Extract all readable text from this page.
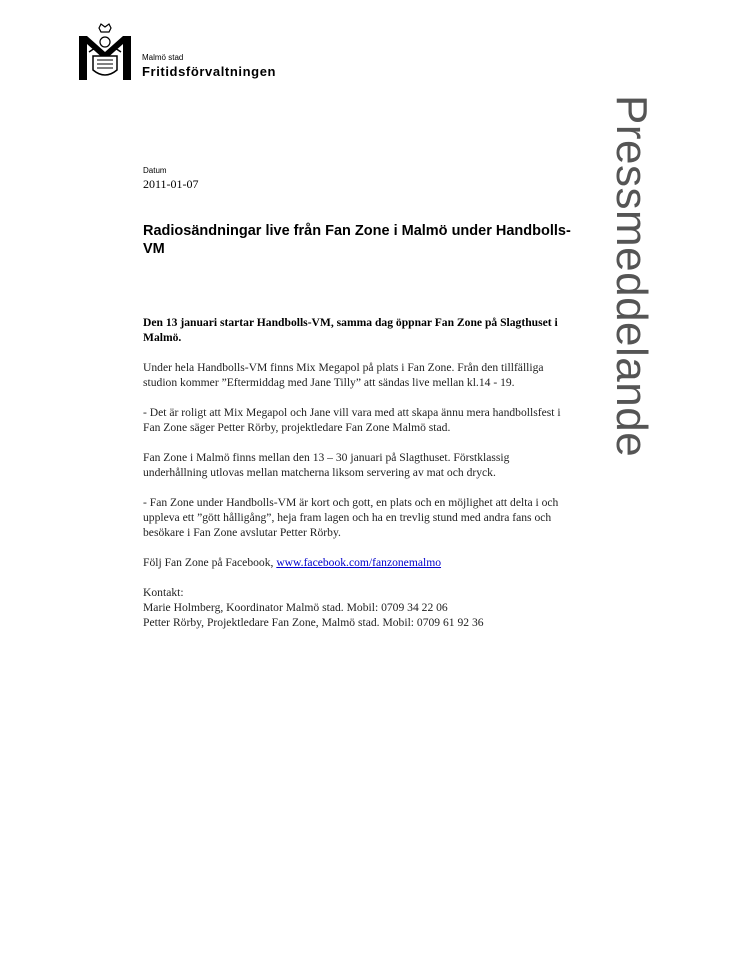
Malmö stad
Fritidsförvaltningen
Pressmeddelande
Datum
2011-01-07
Radiosändningar live från Fan Zone i Malmö under Handbolls-VM

Den 13 januari startar Handbolls-VM, samma dag öppnar Fan Zone på Slagthuset i Malmö.

Under hela Handbolls-VM finns Mix Megapol på plats i Fan Zone. Från den tillfälliga studion kommer ”Eftermiddag med Jane Tilly” att sändas live mellan kl.14 - 19.

- Det är roligt att Mix Megapol och Jane vill vara med att skapa ännu mera handbollsfest i Fan Zone säger Petter Rörby, projektledare Fan Zone Malmö stad.

Fan Zone i Malmö finns mellan den 13 – 30 januari på Slagthuset. Förstklassig underhållning utlovas mellan matcherna liksom servering av mat och dryck.

- Fan Zone under Handbolls-VM är kort och gott, en plats och en möjlighet att delta i och uppleva ett ”gött hålligång”, heja fram lagen och ha en trevlig stund med andra fans och besökare i Fan Zone avslutar Petter Rörby.

Följ Fan Zone på Facebook, www.facebook.com/fanzonemalmo

Kontakt:

Marie Holmberg, Koordinator Malmö stad. Mobil: 0709 34 22 06

Petter Rörby, Projektledare Fan Zone, Malmö stad. Mobil: 0709 61 92 36
